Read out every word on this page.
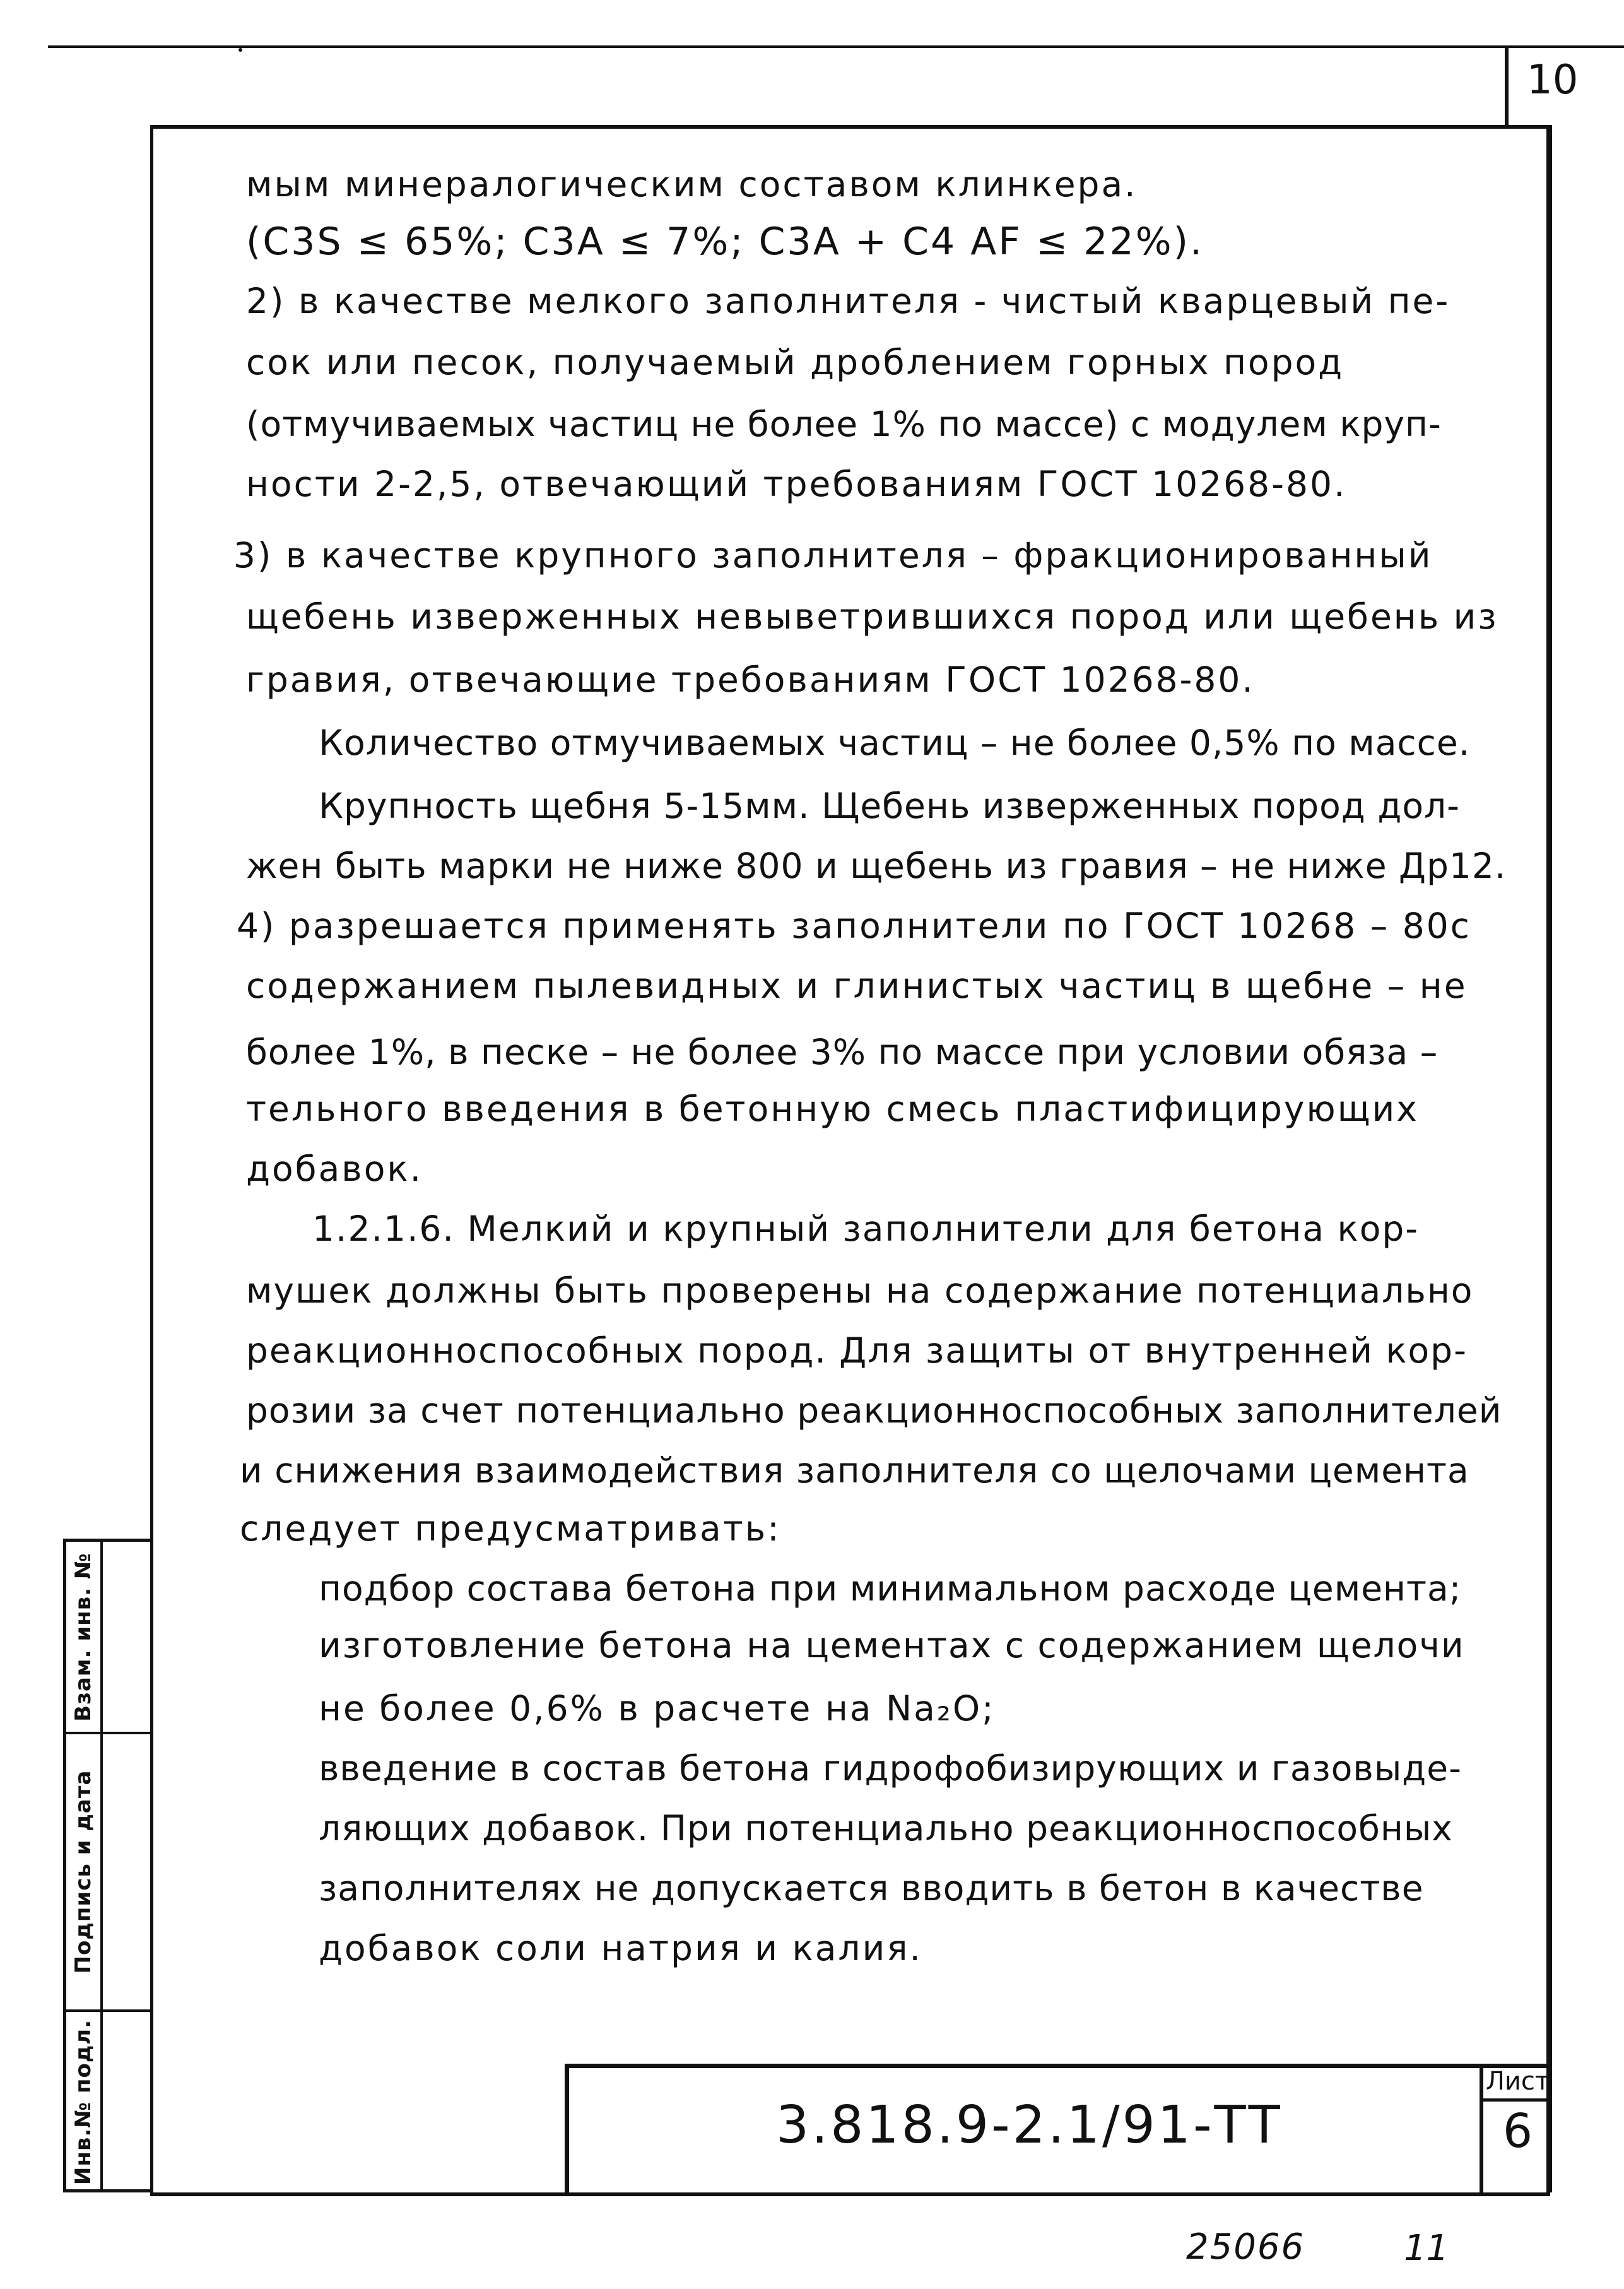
10
мым минералогическим составом клинкера.
(C3S ≤ 65%; C3A ≤ 7%; C3A + C4 AF ≤ 22%).
2) в качестве мелкого заполнителя - чистый кварцевый пе-
сок или песок, получаемый дроблением горных пород
(отмучиваемых частиц не более 1% по массе) с модулем круп-
ности 2-2,5, отвечающий требованиям ГОСТ 10268-80.
3) в качестве крупного заполнителя – фракционированный
щебень изверженных невыветрившихся пород или щебень из
гравия, отвечающие требованиям ГОСТ 10268-80.
Количество отмучиваемых частиц – не более 0,5% по массе.
Крупность щебня 5-15мм. Щебень изверженных пород дол-
жен быть марки не ниже 800 и щебень из гравия – не ниже Др12.
4) разрешается применять заполнители по ГОСТ 10268 – 80с
содержанием пылевидных и глинистых частиц в щебне – не
более 1%, в песке – не более 3% по массе при условии обяза –
тельного введения в бетонную смесь пластифицирующих
добавок.
1.2.1.6. Мелкий и крупный заполнители для бетона кор-
мушек должны быть проверены на содержание потенциально
реакционноспособных пород. Для защиты от внутренней кор-
розии за счет потенциально реакционноспособных заполнителей
и снижения взаимодействия заполнителя со щелочами цемента
следует предусматривать:
подбор состава бетона при минимальном расходе цемента;
изготовление бетона на цементах с содержанием щелочи
не более 0,6% в расчете на Na₂O;
введение в состав бетона гидрофобизирующих и газовыде-
ляющих добавок. При потенциально реакционноспособных
заполнителях не допускается вводить в бетон в качестве
добавок соли натрия и калия.
Взам. инв. №
Подпись и дата
Инв.№ подл.	3.818.9-2.1/91-ТТ
Лист
6
25066	11
